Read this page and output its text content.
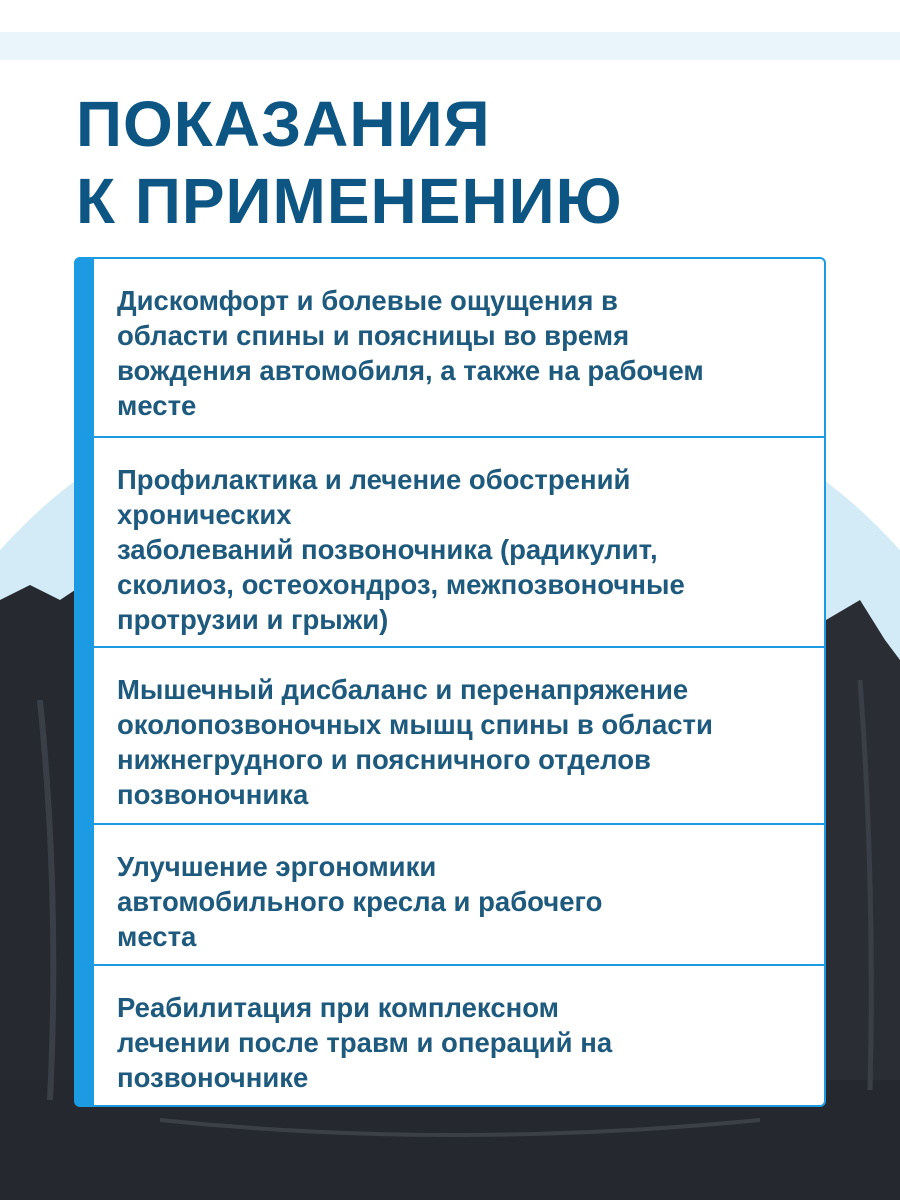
ПОКАЗАНИЯ
К ПРИМЕНЕНИЮ
Дискомфорт и болевые ощущения в
области спины и поясницы во время
вождения автомобиля, а также на рабочем
месте
Профилактика и лечение обострений
хронических
заболеваний позвоночника (радикулит,
сколиоз, остеохондроз, межпозвоночные
протрузии и грыжи)
Мышечный дисбаланс и перенапряжение
околопозвоночных мышц спины в области
нижнегрудного и поясничного отделов
позвоночника
Улучшение эргономики
автомобильного кресла и рабочего
места
Реабилитация при комплексном
лечении после травм и операций на
позвоночнике
